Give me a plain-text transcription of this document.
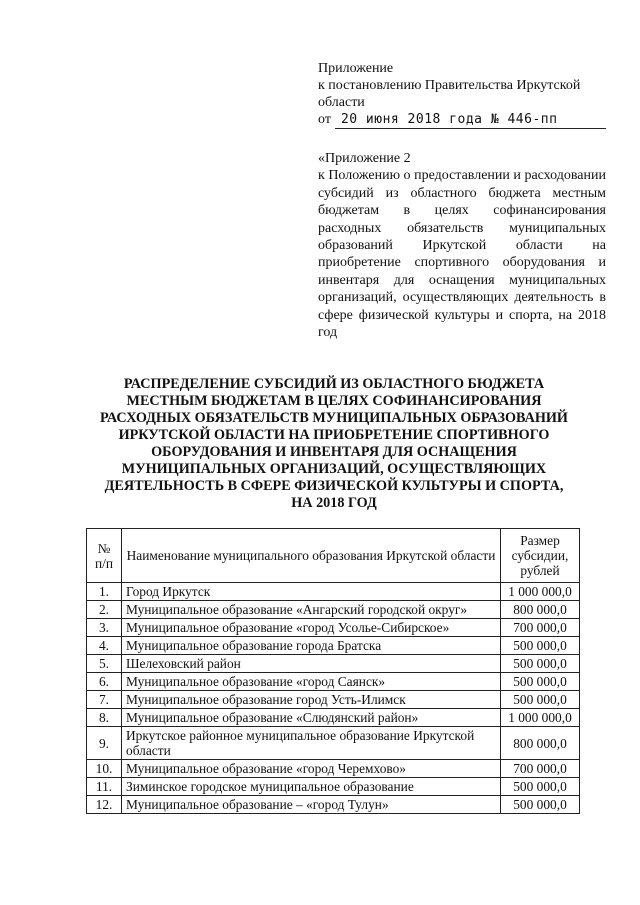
Приложение
к постановлению Правительства Иркутской
области
от 20 июня 2018 года № 446-пп
«Приложение 2
к Положению о предоставлении и расходовании субсидий из областного бюджета местным бюджетам в целях софинансирования расходных обязательств муниципальных образований Иркутской области на приобретение спортивного оборудования и инвентаря для оснащения муниципальных организаций, осуществляющих деятельность в сфере физической культуры и спорта, на 2018 год
РАСПРЕДЕЛЕНИЕ СУБСИДИЙ ИЗ ОБЛАСТНОГО БЮДЖЕТА МЕСТНЫМ БЮДЖЕТАМ В ЦЕЛЯХ СОФИНАНСИРОВАНИЯ РАСХОДНЫХ ОБЯЗАТЕЛЬСТВ МУНИЦИПАЛЬНЫХ ОБРАЗОВАНИЙ ИРКУТСКОЙ ОБЛАСТИ НА ПРИОБРЕТЕНИЕ СПОРТИВНОГО ОБОРУДОВАНИЯ И ИНВЕНТАРЯ ДЛЯ ОСНАЩЕНИЯ МУНИЦИПАЛЬНЫХ ОРГАНИЗАЦИЙ, ОСУЩЕСТВЛЯЮЩИХ ДЕЯТЕЛЬНОСТЬ В СФЕРЕ ФИЗИЧЕСКОЙ КУЛЬТУРЫ И СПОРТА, НА 2018 ГОД
№ п/п	Наименование муниципального образования Иркутской области	Размер субсидии, рублей
1.	Город Иркутск	1 000 000,0
2.	Муниципальное образование «Ангарский городской округ»	800 000,0
3.	Муниципальное образование «город Усолье-Сибирское»	700 000,0
4.	Муниципальное образование города Братска	500 000,0
5.	Шелеховский район	500 000,0
6.	Муниципальное образование «город Саянск»	500 000,0
7.	Муниципальное образование город Усть-Илимск	500 000,0
8.	Муниципальное образование «Слюдянский район»	1 000 000,0
9.	Иркутское районное муниципальное образование Иркутской области	800 000,0
10.	Муниципальное образование «город Черемхово»	700 000,0
11.	Зиминское городское муниципальное образование	500 000,0
12.	Муниципальное образование – «город Тулун»	500 000,0
